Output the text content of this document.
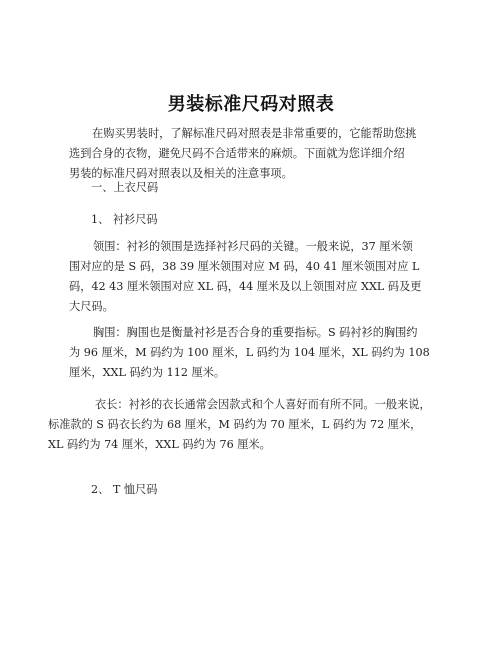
男装标准尺码对照表

在购买男装时，了解标准尺码对照表是非常重要的，它能帮助您挑
选到合身的衣物，避免尺码不合适带来的麻烦。下面就为您详细介绍
男装的标准尺码对照表以及相关的注意事项。

一、上衣尺码

1、 衬衫尺码

领围：衬衫的领围是选择衬衫尺码的关键。一般来说，37 厘米领
围对应的是 S 码，38 39 厘米领围对应 M 码，40 41 厘米领围对应 L
码，42 43 厘米领围对应 XL 码，44 厘米及以上领围对应 XXL 码及更
大尺码。

胸围：胸围也是衡量衬衫是否合身的重要指标。S 码衬衫的胸围约
为 96 厘米，M 码约为 100 厘米，L 码约为 104 厘米，XL 码约为 108
厘米，XXL 码约为 112 厘米。

衣长：衬衫的衣长通常会因款式和个人喜好而有所不同。一般来说，
标准款的 S 码衣长约为 68 厘米，M 码约为 70 厘米，L 码约为 72 厘米，
XL 码约为 74 厘米，XXL 码约为 76 厘米。

2、 T 恤尺码
